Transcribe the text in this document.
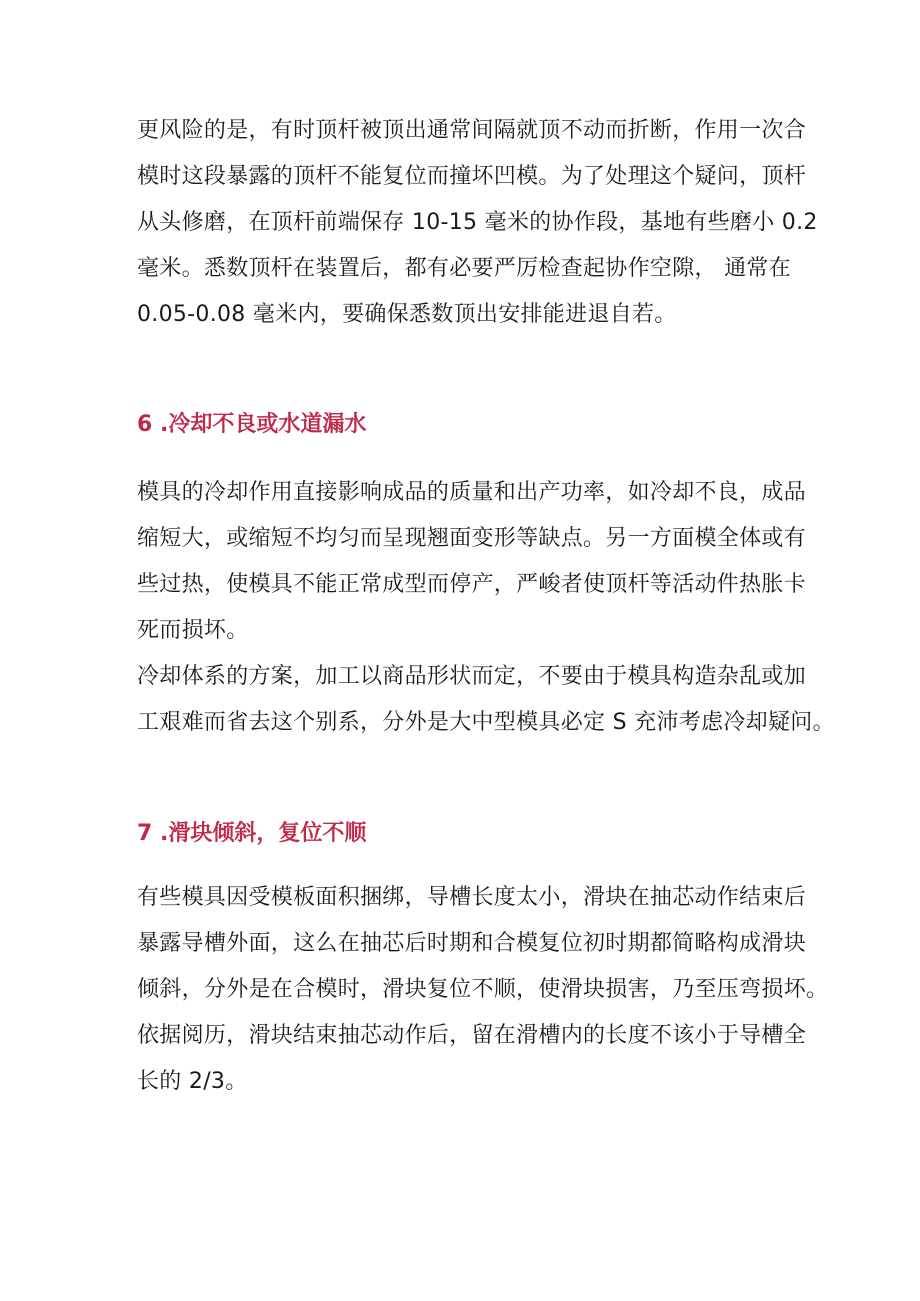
更风险的是，有时顶杆被顶出通常间隔就顶不动而折断，作用一次合
模时这段暴露的顶杆不能复位而撞坏凹模。为了处理这个疑问，顶杆
从头修磨，在顶杆前端保存 10-15 毫米的协作段，基地有些磨小 0.2
毫米。悉数顶杆在装置后，都有必要严厉检查起协作空隙， 通常在
0.05-0.08 毫米内，要确保悉数顶出安排能进退自若。
6 .冷却不良或水道漏水
模具的冷却作用直接影响成品的质量和出产功率，如冷却不良，成品
缩短大，或缩短不均匀而呈现翘面变形等缺点。另一方面模全体或有
些过热，使模具不能正常成型而停产，严峻者使顶杆等活动件热胀卡
死而损坏。
冷却体系的方案，加工以商品形状而定，不要由于模具构造杂乱或加
工艰难而省去这个别系，分外是大中型模具必定 S 充沛考虑冷却疑问。
7 .滑块倾斜，复位不顺
有些模具因受模板面积捆绑，导槽长度太小，滑块在抽芯动作结束后
暴露导槽外面，这么在抽芯后时期和合模复位初时期都简略构成滑块
倾斜，分外是在合模时，滑块复位不顺，使滑块损害，乃至压弯损坏。
依据阅历，滑块结束抽芯动作后，留在滑槽内的长度不该小于导槽全
长的 2/3。
